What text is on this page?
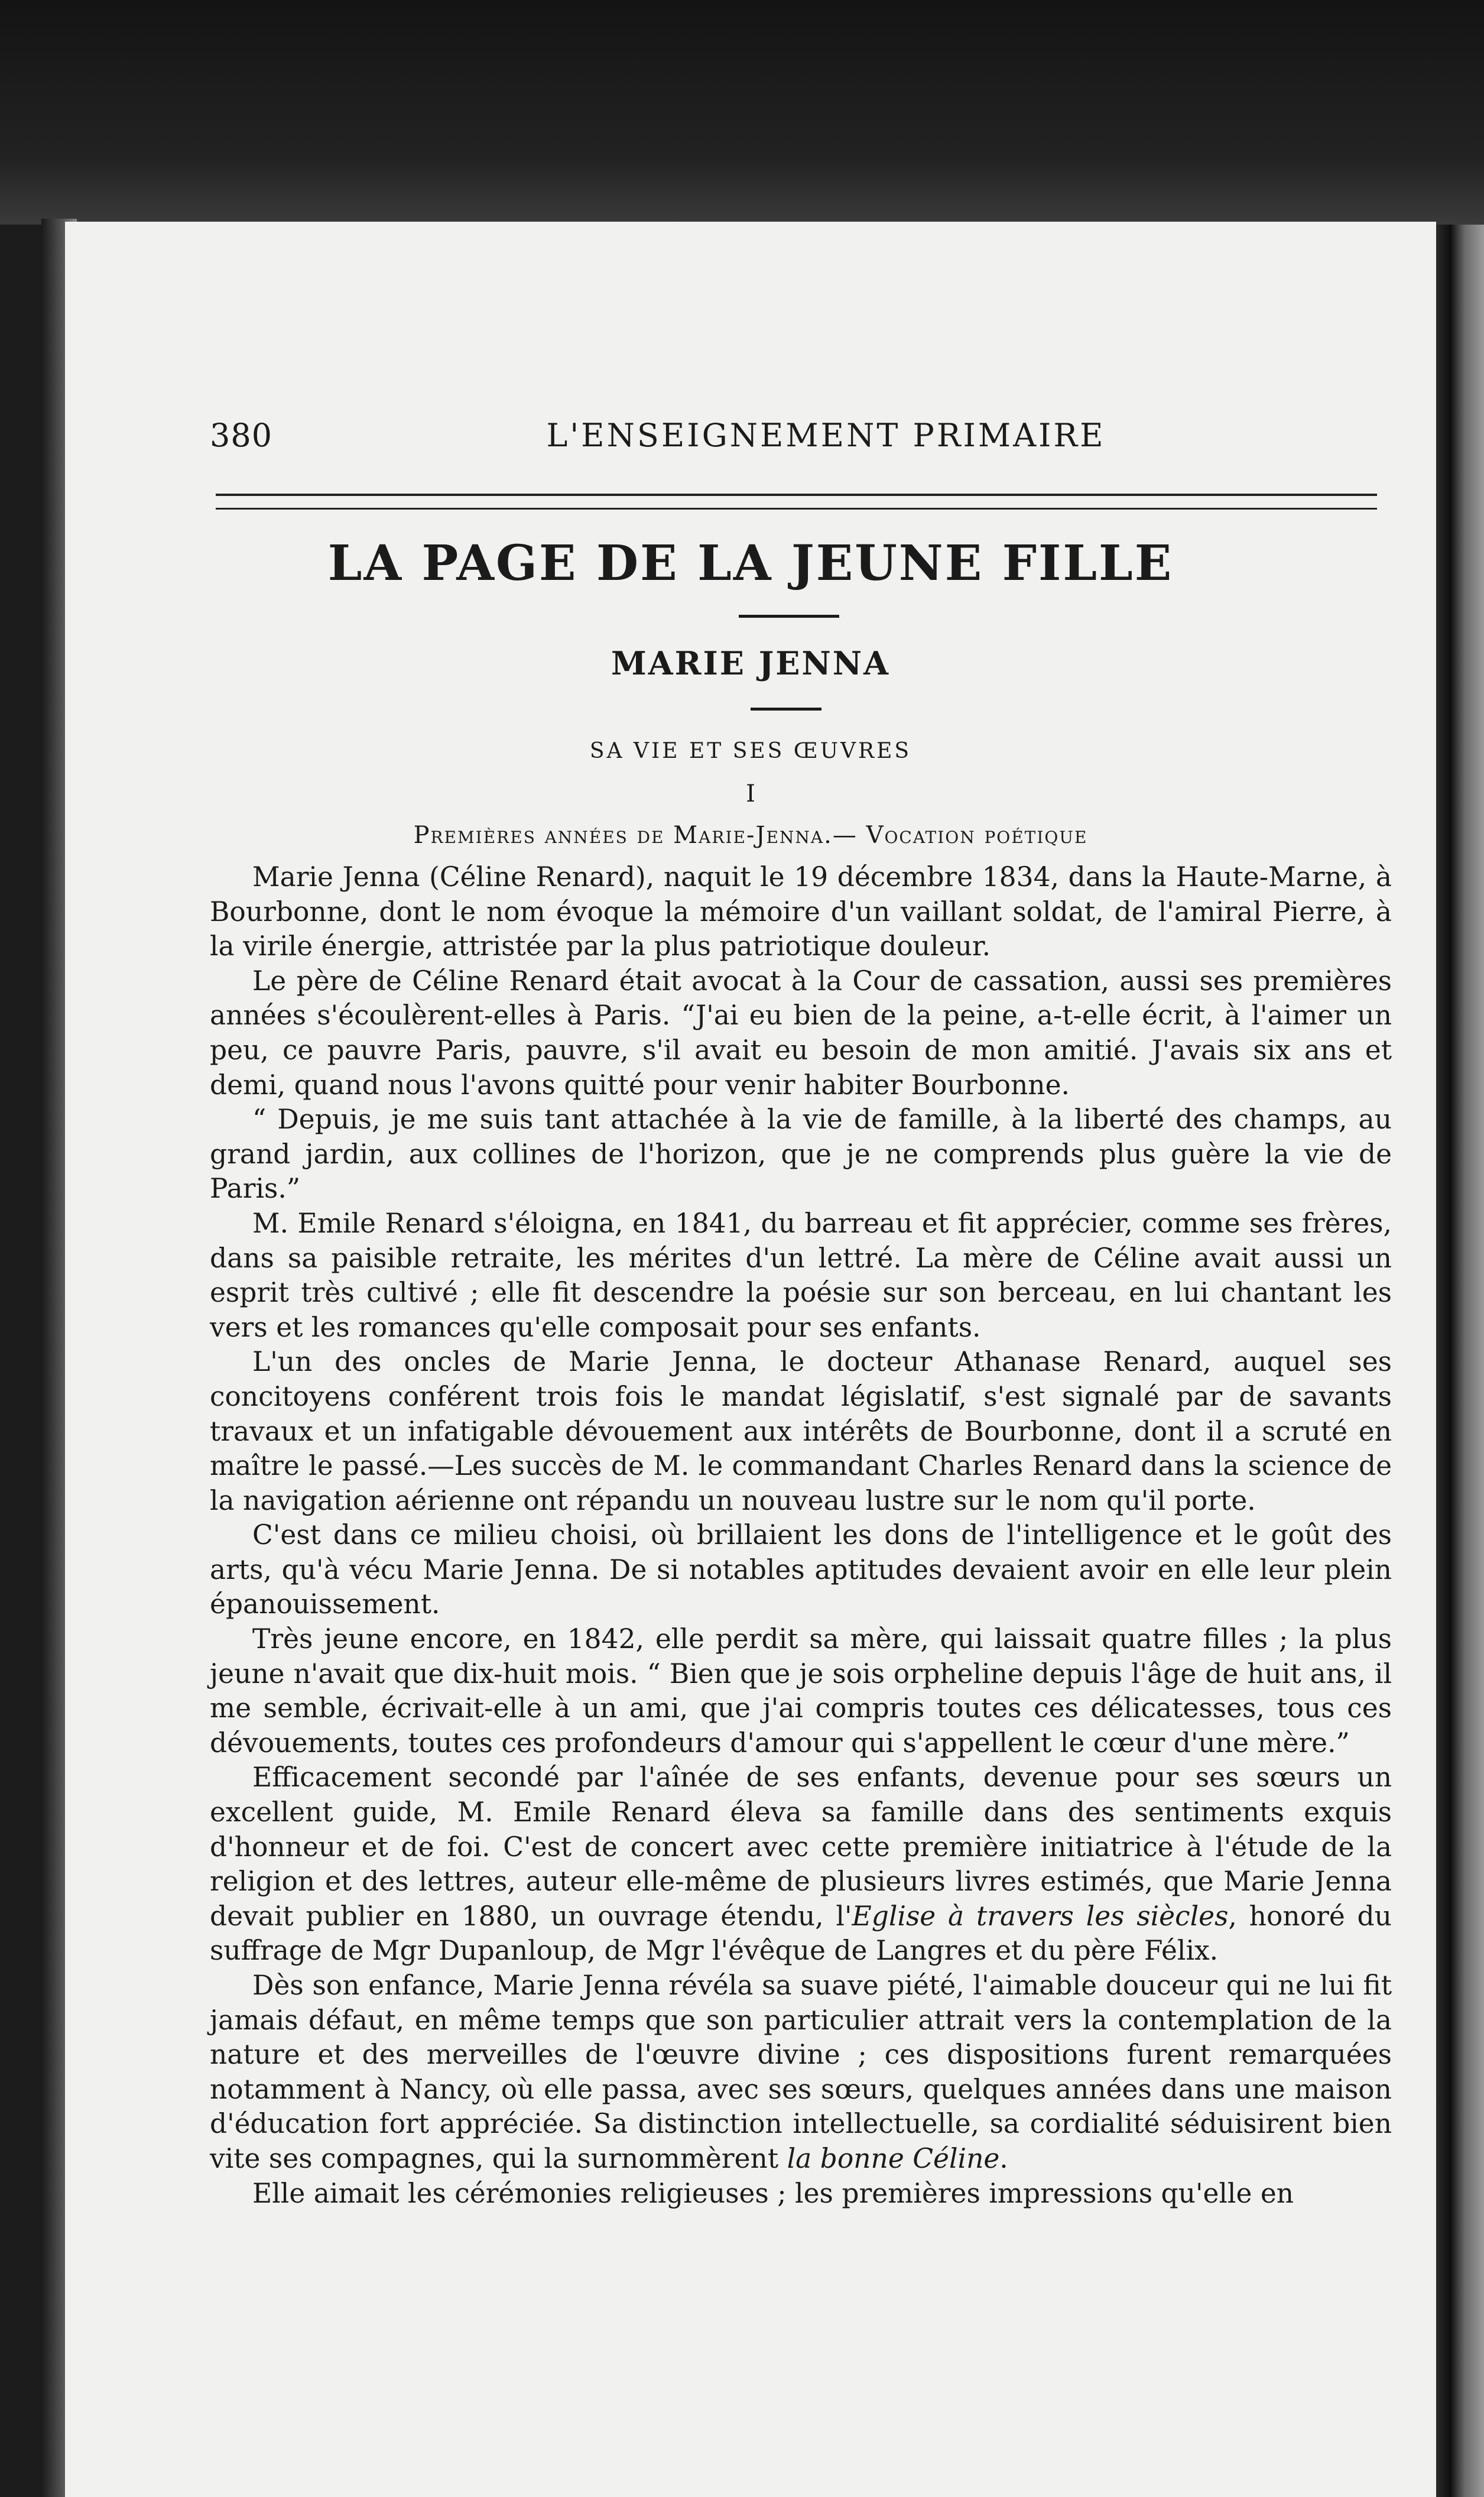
380	L'ENSEIGNEMENT PRIMAIRE
LA PAGE DE LA JEUNE FILLE
MARIE JENNA
SA VIE ET SES ŒUVRES
I
Premières années de Marie-Jenna.— Vocation poétique

Marie Jenna (Céline Renard), naquit le 19 décembre 1834, dans la Haute-Marne, à Bourbonne, dont le nom évoque la mémoire d'un vaillant soldat, de l'amiral Pierre, à la virile énergie, attristée par la plus patriotique douleur.

Le père de Céline Renard était avocat à la Cour de cassation, aussi ses premières années s'écoulèrent-elles à Paris. “J'ai eu bien de la peine, a-t-elle écrit, à l'aimer un peu, ce pauvre Paris, pauvre, s'il avait eu besoin de mon amitié. J'avais six ans et demi, quand nous l'avons quitté pour venir habiter Bourbonne.

“ Depuis, je me suis tant attachée à la vie de famille, à la liberté des champs, au grand jardin, aux collines de l'horizon, que je ne comprends plus guère la vie de Paris.”

M. Emile Renard s'éloigna, en 1841, du barreau et fit apprécier, comme ses frères, dans sa paisible retraite, les mérites d'un lettré. La mère de Céline avait aussi un esprit très cultivé ; elle fit descendre la poésie sur son berceau, en lui chantant les vers et les romances qu'elle composait pour ses enfants.

L'un des oncles de Marie Jenna, le docteur Athanase Renard, auquel ses concitoyens conférent trois fois le mandat législatif, s'est signalé par de savants travaux et un infatigable dévouement aux intérêts de Bourbonne, dont il a scruté en maître le passé.—Les succès de M. le commandant Charles Renard dans la science de la navigation aérienne ont répandu un nouveau lustre sur le nom qu'il porte.

C'est dans ce milieu choisi, où brillaient les dons de l'intelligence et le goût des arts, qu'à vécu Marie Jenna. De si notables aptitudes devaient avoir en elle leur plein épanouissement.

Très jeune encore, en 1842, elle perdit sa mère, qui laissait quatre filles ; la plus jeune n'avait que dix-huit mois. “ Bien que je sois orpheline depuis l'âge de huit ans, il me semble, écrivait-elle à un ami, que j'ai compris toutes ces délicatesses, tous ces dévouements, toutes ces profondeurs d'amour qui s'appellent le cœur d'une mère.”

Efficacement secondé par l'aînée de ses enfants, devenue pour ses sœurs un excellent guide, M. Emile Renard éleva sa famille dans des sentiments exquis d'honneur et de foi. C'est de concert avec cette première initiatrice à l'étude de la religion et des lettres, auteur elle-même de plusieurs livres estimés, que Marie Jenna devait publier en 1880, un ouvrage étendu, l'Eglise à travers les siècles, honoré du suffrage de Mgr Dupanloup, de Mgr l'évêque de Langres et du père Félix.

Dès son enfance, Marie Jenna révéla sa suave piété, l'aimable douceur qui ne lui fit jamais défaut, en même temps que son particulier attrait vers la contemplation de la nature et des merveilles de l'œuvre divine ; ces dispositions furent remarquées notamment à Nancy, où elle passa, avec ses sœurs, quelques années dans une maison d'éducation fort appréciée. Sa distinction intellectuelle, sa cordialité séduisirent bien vite ses compagnes, qui la surnommèrent la bonne Céline.

Elle aimait les cérémonies religieuses ; les premières impressions qu'elle en
